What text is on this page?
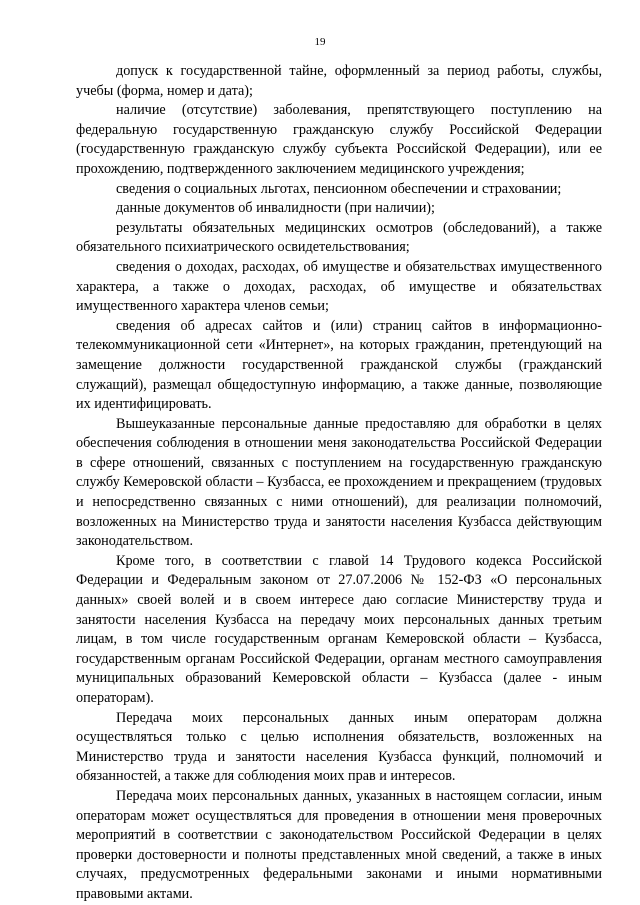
19

допуск к государственной тайне, оформленный за период работы, службы, учебы (форма, номер и дата);

наличие (отсутствие) заболевания, препятствующего поступлению на федеральную государственную гражданскую службу Российской Федерации (государственную гражданскую службу субъекта Российской Федерации), или ее прохождению, подтвержденного заключением медицинского учреждения;

сведения о социальных льготах, пенсионном обеспечении и страховании;

данные документов об инвалидности (при наличии);

результаты обязательных медицинских осмотров (обследований), а также обязательного психиатрического освидетельствования;

сведения о доходах, расходах, об имуществе и обязательствах имущественного характера, а также о доходах, расходах, об имуществе и обязательствах имущественного характера членов семьи;

сведения об адресах сайтов и (или) страниц сайтов в информационно-телекоммуникационной сети «Интернет», на которых гражданин, претендующий на замещение должности государственной гражданской службы (гражданский служащий), размещал общедоступную информацию, а также данные, позволяющие их идентифицировать.

Вышеуказанные персональные данные предоставляю для обработки в целях обеспечения соблюдения в отношении меня законодательства Российской Федерации в сфере отношений, связанных с поступлением на государственную гражданскую службу Кемеровской области – Кузбасса, ее прохождением и прекращением (трудовых и непосредственно связанных с ними отношений), для реализации полномочий, возложенных на Министерство труда и занятости населения Кузбасса действующим законодательством.

Кроме того, в соответствии с главой 14 Трудового кодекса Российской Федерации и Федеральным законом от 27.07.2006 № 152-ФЗ «О персональных данных» своей волей и в своем интересе даю согласие Министерству труда и занятости населения Кузбасса на передачу моих персональных данных третьим лицам, в том числе государственным органам Кемеровской области – Кузбасса, государственным органам Российской Федерации, органам местного самоуправления муниципальных образований Кемеровской области – Кузбасса (далее - иным операторам).

Передача моих персональных данных иным операторам должна осуществляться только с целью исполнения обязательств, возложенных на Министерство труда и занятости населения Кузбасса функций, полномочий и обязанностей, а также для соблюдения моих прав и интересов.

Передача моих персональных данных, указанных в настоящем согласии, иным операторам может осуществляться для проведения в отношении меня проверочных мероприятий в соответствии с законодательством Российской Федерации в целях проверки достоверности и полноты представленных мной сведений, а также в иных случаях, предусмотренных федеральными законами и иными нормативными правовыми актами.
